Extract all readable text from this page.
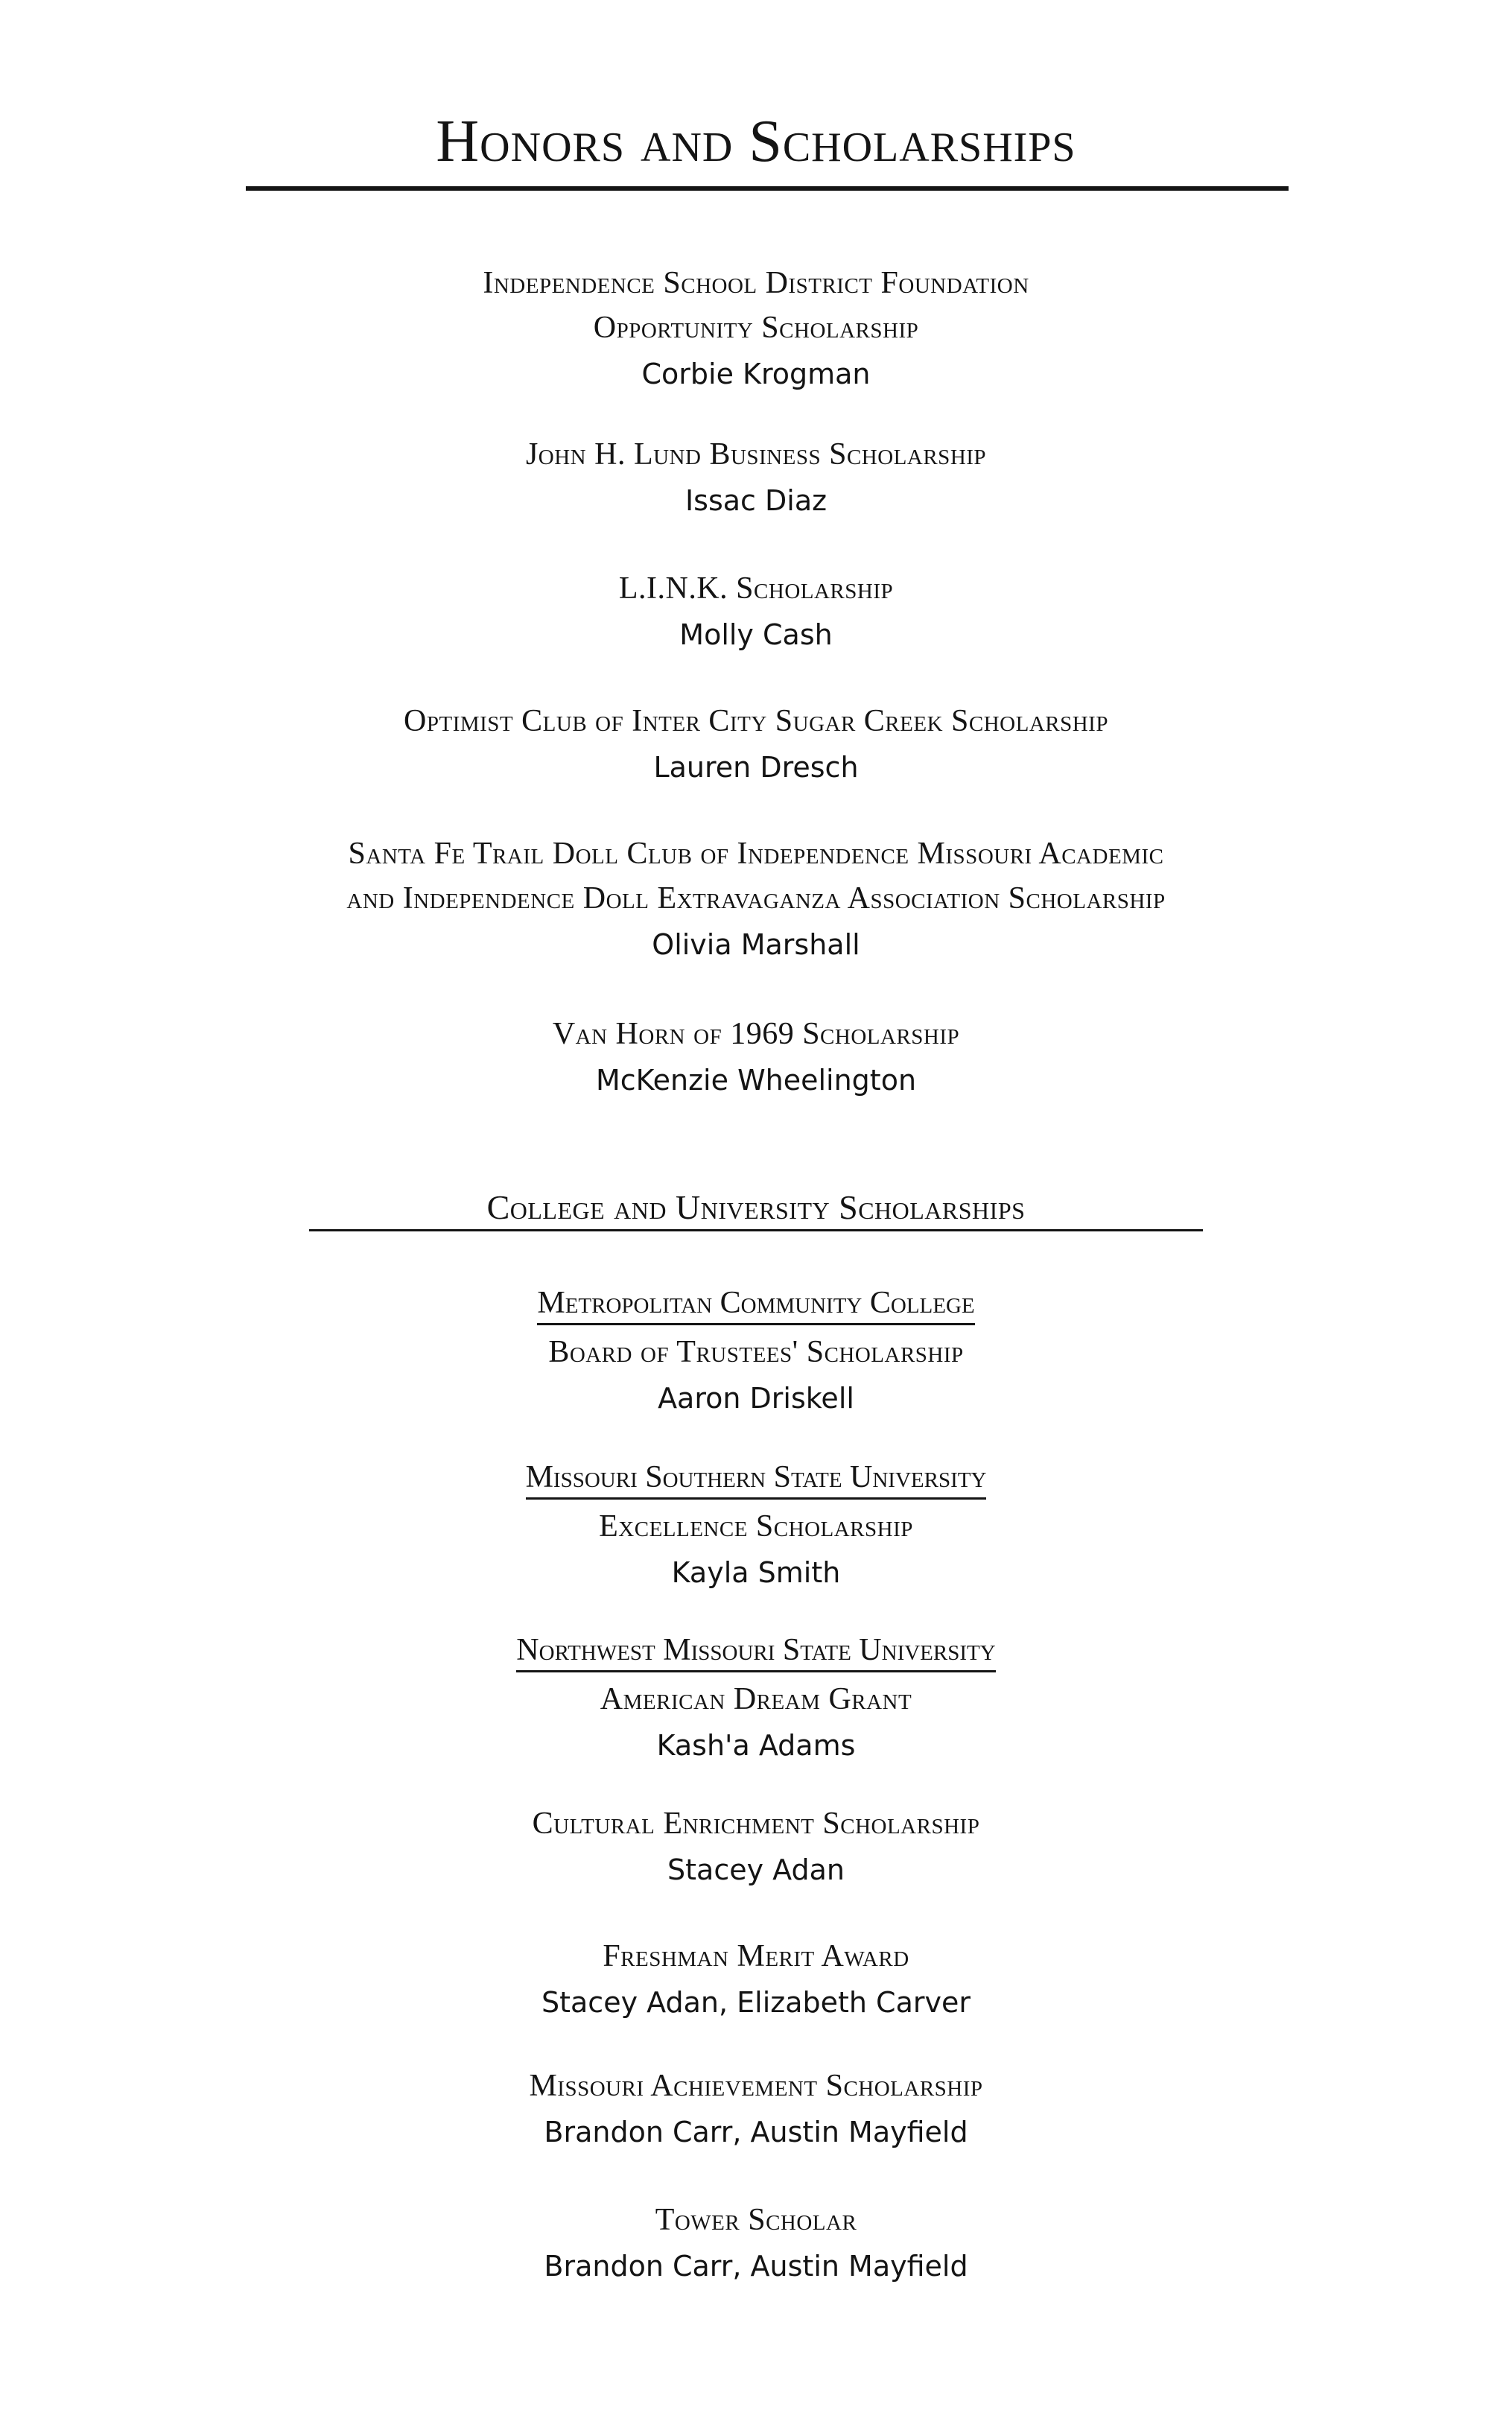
Honors and Scholarships
Independence School District Foundation
Opportunity Scholarship
Corbie Krogman
John H. Lund Business Scholarship
Issac Diaz
L.I.N.K. Scholarship
Molly Cash
Optimist Club of Inter City Sugar Creek Scholarship
Lauren Dresch
Santa Fe Trail Doll Club of Independence Missouri Academic
and Independence Doll Extravaganza Association Scholarship
Olivia Marshall
Van Horn of 1969 Scholarship
McKenzie Wheelington
College and University Scholarships
Metropolitan Community College
Board of Trustees' Scholarship
Aaron Driskell
Missouri Southern State University
Excellence Scholarship
Kayla Smith
Northwest Missouri State University
American Dream Grant
Kash'a Adams
Cultural Enrichment Scholarship
Stacey Adan
Freshman Merit Award
Stacey Adan, Elizabeth Carver
Missouri Achievement Scholarship
Brandon Carr, Austin Mayfield
Tower Scholar
Brandon Carr, Austin Mayfield
